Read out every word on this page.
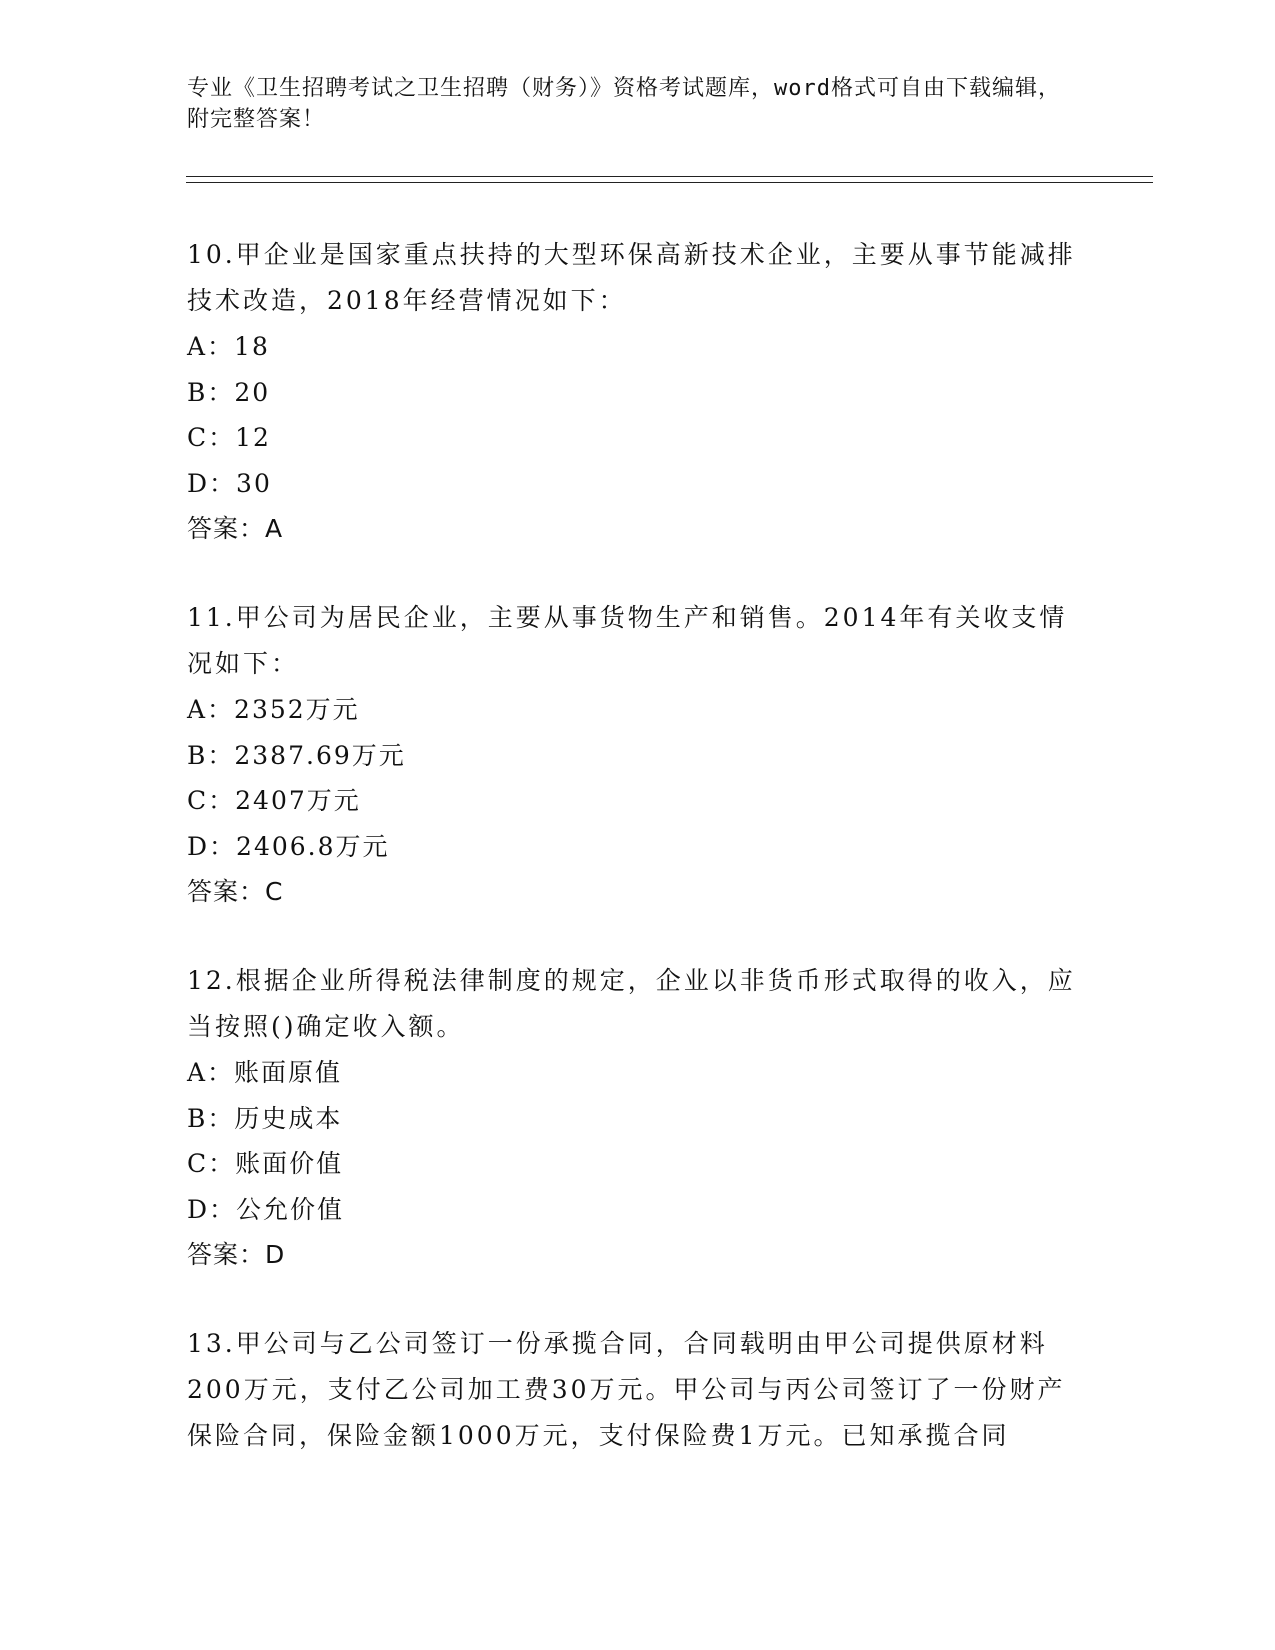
专业《卫生招聘考试之卫生招聘（财务）》资格考试题库，word格式可自由下载编辑，附完整答案！

10.甲企业是国家重点扶持的大型环保高新技术企业，主要从事节能减排技术改造，2018年经营情况如下：

A：18

B：20

C：12

D：30

答案：A

11.甲公司为居民企业，主要从事货物生产和销售。2014年有关收支情况如下：

A：2352万元

B：2387.69万元

C：2407万元

D：2406.8万元

答案：C

12.根据企业所得税法律制度的规定，企业以非货币形式取得的收入，应当按照()确定收入额。

A：账面原值

B：历史成本

C：账面价值

D：公允价值

答案：D

13.甲公司与乙公司签订一份承揽合同，合同载明由甲公司提供原材料200万元，支付乙公司加工费30万元。甲公司与丙公司签订了一份财产保险合同，保险金额1000万元，支付保险费1万元。已知承揽合同
